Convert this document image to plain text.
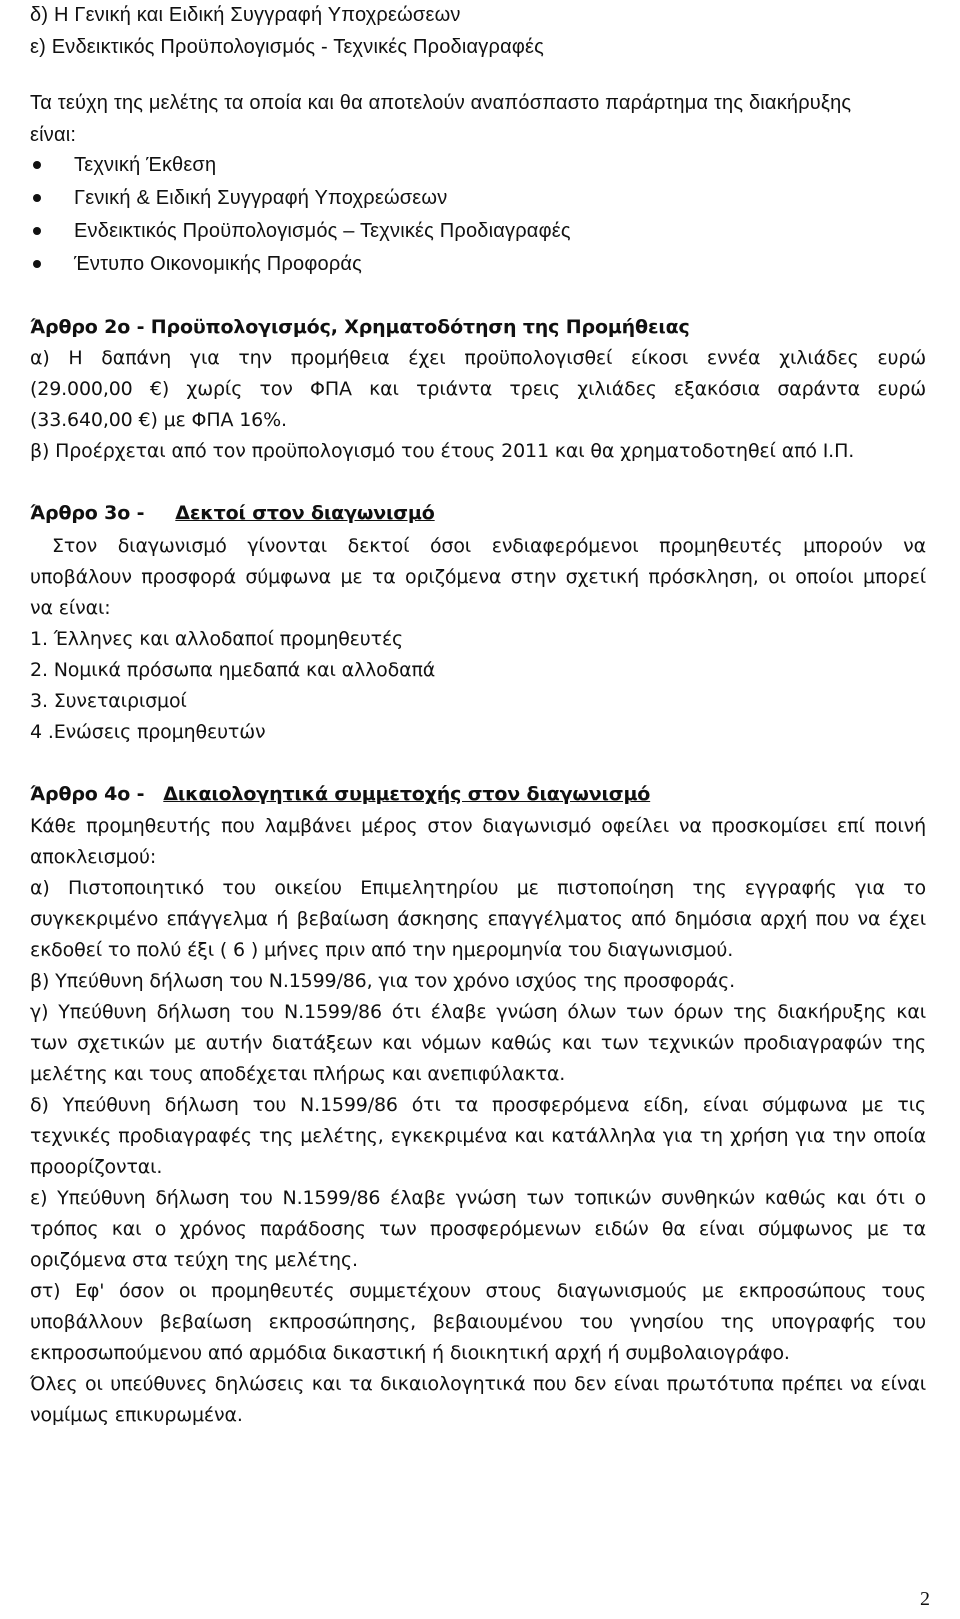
δ) Η Γενική και Ειδική Συγγραφή Υποχρεώσεων
ε) Ενδεικτικός Προϋπολογισμός - Τεχνικές Προδιαγραφές
Τα τεύχη της μελέτης τα οποία και θα αποτελούν αναπόσπαστο παράρτημα της διακήρυξης
είναι:
Τεχνική Έκθεση
Γενική & Ειδική Συγγραφή Υποχρεώσεων
Ενδεικτικός Προϋπολογισμός – Τεχνικές Προδιαγραφές
Έντυπο Οικονομικής Προφοράς
Άρθρο 2ο - Προϋπολογισμός, Χρηματοδότηση της Προμήθειας
α) Η δαπάνη για την προμήθεια έχει προϋπολογισθεί είκοσι εννέα χιλιάδες ευρώ
(29.000,00 €) χωρίς τον ΦΠΑ και τριάντα τρεις χιλιάδες εξακόσια σαράντα ευρώ
(33.640,00 €) με ΦΠΑ 16%.
β) Προέρχεται από τον προϋπολογισμό του έτους 2011 και θα χρηματοδοτηθεί από Ι.Π.
Άρθρο 3ο - Δεκτοί στον διαγωνισμό
Στον διαγωνισμό γίνονται δεκτοί όσοι ενδιαφερόμενοι προμηθευτές μπορούν να
υποβάλουν προσφορά σύμφωνα με τα οριζόμενα στην σχετική πρόσκληση, οι οποίοι μπορεί
να είναι:
1. Έλληνες και αλλοδαποί προμηθευτές
2. Νομικά πρόσωπα ημεδαπά και αλλοδαπά
3. Συνεταιρισμοί
4 .Ενώσεις προμηθευτών
Άρθρο 4ο - Δικαιολογητικά συμμετοχής στον διαγωνισμό
Κάθε προμηθευτής που λαμβάνει μέρος στον διαγωνισμό οφείλει να προσκομίσει επί ποινή
αποκλεισμού:
α) Πιστοποιητικό του οικείου Επιμελητηρίου με πιστοποίηση της εγγραφής για το
συγκεκριμένο επάγγελμα ή βεβαίωση άσκησης επαγγέλματος από δημόσια αρχή που να έχει
εκδοθεί το πολύ έξι ( 6 ) μήνες πριν από την ημερομηνία του διαγωνισμού.
β) Υπεύθυνη δήλωση του Ν.1599/86, για τον χρόνο ισχύος της προσφοράς.
γ) Υπεύθυνη δήλωση του Ν.1599/86 ότι έλαβε γνώση όλων των όρων της διακήρυξης και
των σχετικών με αυτήν διατάξεων και νόμων καθώς και των τεχνικών προδιαγραφών της
μελέτης και τους αποδέχεται πλήρως και ανεπιφύλακτα.
δ) Υπεύθυνη δήλωση του Ν.1599/86 ότι τα προσφερόμενα είδη, είναι σύμφωνα με τις
τεχνικές προδιαγραφές της μελέτης, εγκεκριμένα και κατάλληλα για τη χρήση για την οποία
προορίζονται.
ε) Υπεύθυνη δήλωση του Ν.1599/86 έλαβε γνώση των τοπικών συνθηκών καθώς και ότι ο
τρόπος και ο χρόνος παράδοσης των προσφερόμενων ειδών θα είναι σύμφωνος με τα
οριζόμενα στα τεύχη της μελέτης.
στ) Εφ' όσον οι προμηθευτές συμμετέχουν στους διαγωνισμούς με εκπροσώπους τους
υποβάλλουν βεβαίωση εκπροσώπησης, βεβαιουμένου του γνησίου της υπογραφής του
εκπροσωπούμενου από αρμόδια δικαστική ή διοικητική αρχή ή συμβολαιογράφο.
Όλες οι υπεύθυνες δηλώσεις και τα δικαιολογητικά που δεν είναι πρωτότυπα πρέπει να είναι
νομίμως επικυρωμένα.
2
